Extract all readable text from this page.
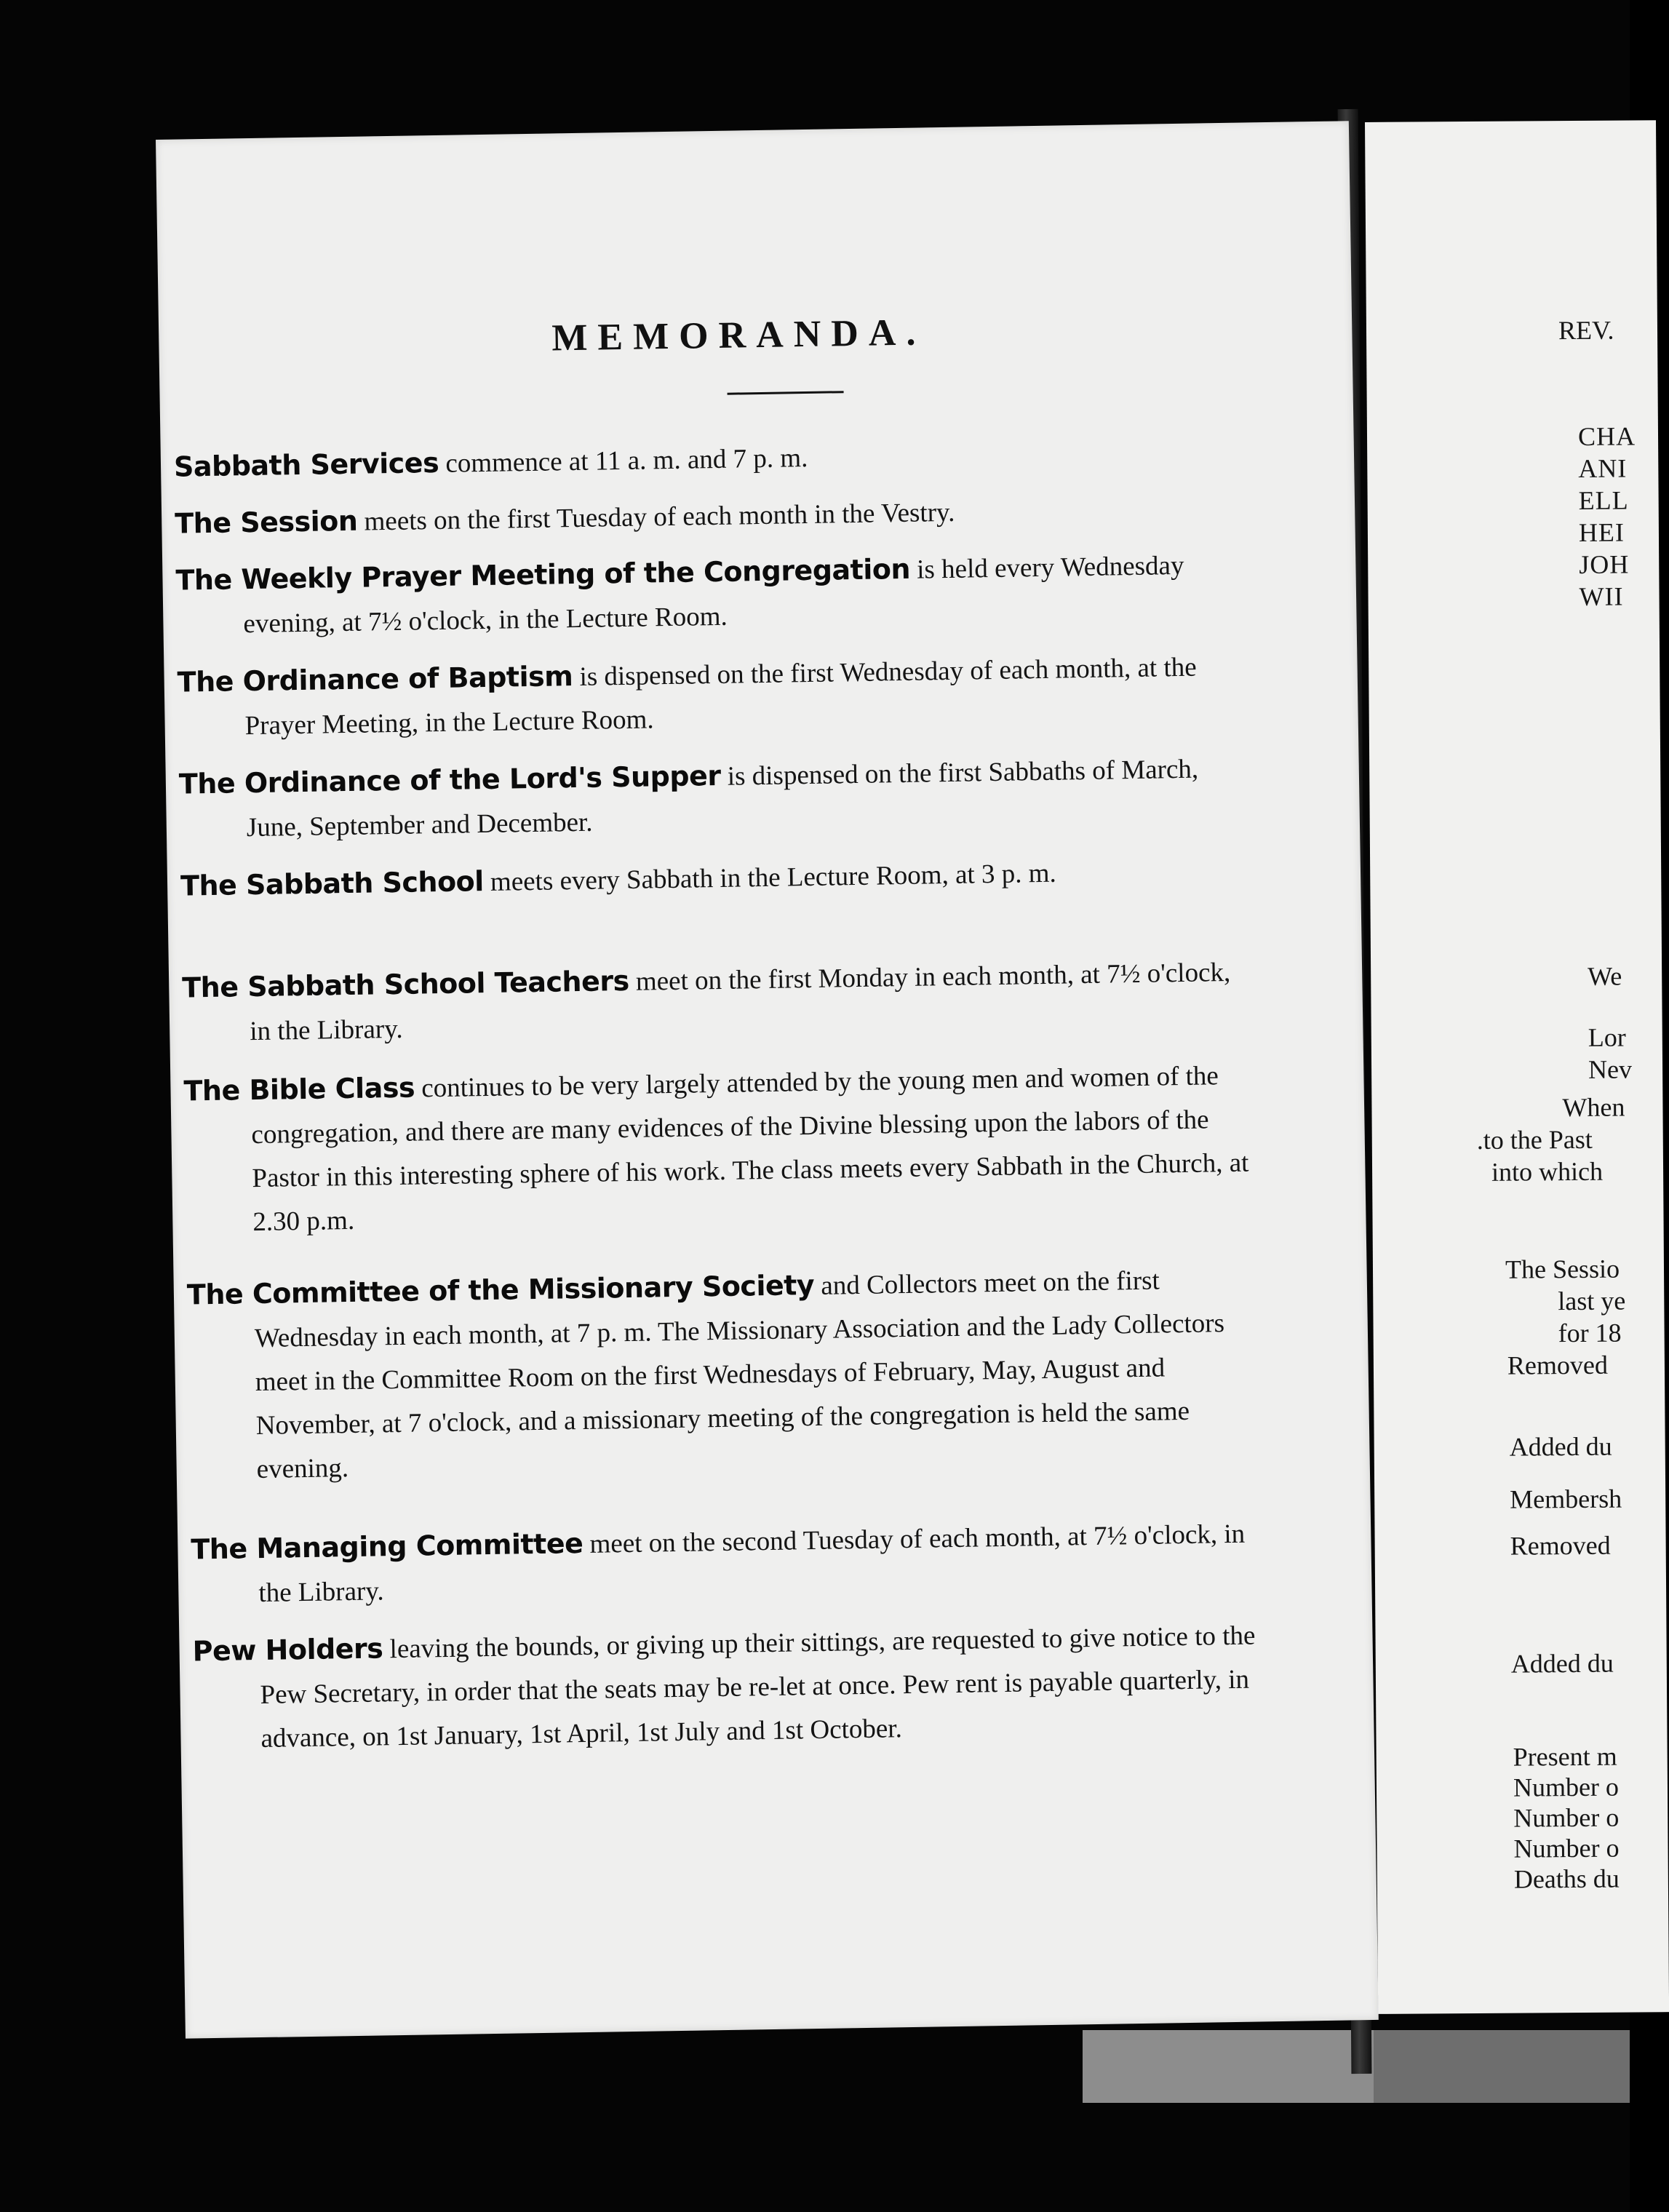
REV.
CHA
ANI
ELL
HEI
JOH
WII
We
Lor
Nev
When
.to the Past
into which
The Sessio
last ye
for 18
Removed
Added du
Membersh
Removed
Added du
Present m
Number o
Number o
Number o
Deaths du
MEMORANDA.
Sabbath Services commence at 11 a. m. and 7 p. m.
The Session meets on the first Tuesday of each month in the Vestry.
The Weekly Prayer Meeting of the Congregation is held every Wednesday evening, at 7½ o'clock, in the Lecture Room.
The Ordinance of Baptism is dispensed on the first Wednesday of each month, at the Prayer Meeting, in the Lecture Room.
The Ordinance of the Lord's Supper is dispensed on the first Sabbaths of March, June, September and December.
The Sabbath School meets every Sabbath in the Lecture Room, at 3 p. m.
The Sabbath School Teachers meet on the first Monday in each month, at 7½ o'clock, in the Library.
The Bible Class continues to be very largely attended by the young men and women of the congregation, and there are many evidences of the Divine blessing upon the labors of the Pastor in this interesting sphere of his work. The class meets every Sabbath in the Church, at 2.30 p.m.
The Committee of the Missionary Society and Collectors meet on the first Wednesday in each month, at 7 p. m. The Missionary Association and the Lady Collectors meet in the Committee Room on the first Wednesdays of February, May, August and November, at 7 o'clock, and a missionary meeting of the congregation is held the same evening.
The Managing Committee meet on the second Tuesday of each month, at 7½ o'clock, in the Library.
Pew Holders leaving the bounds, or giving up their sittings, are requested to give notice to the Pew Secretary, in order that the seats may be re-let at once. Pew rent is payable quarterly, in advance, on 1st January, 1st April, 1st July and 1st October.
